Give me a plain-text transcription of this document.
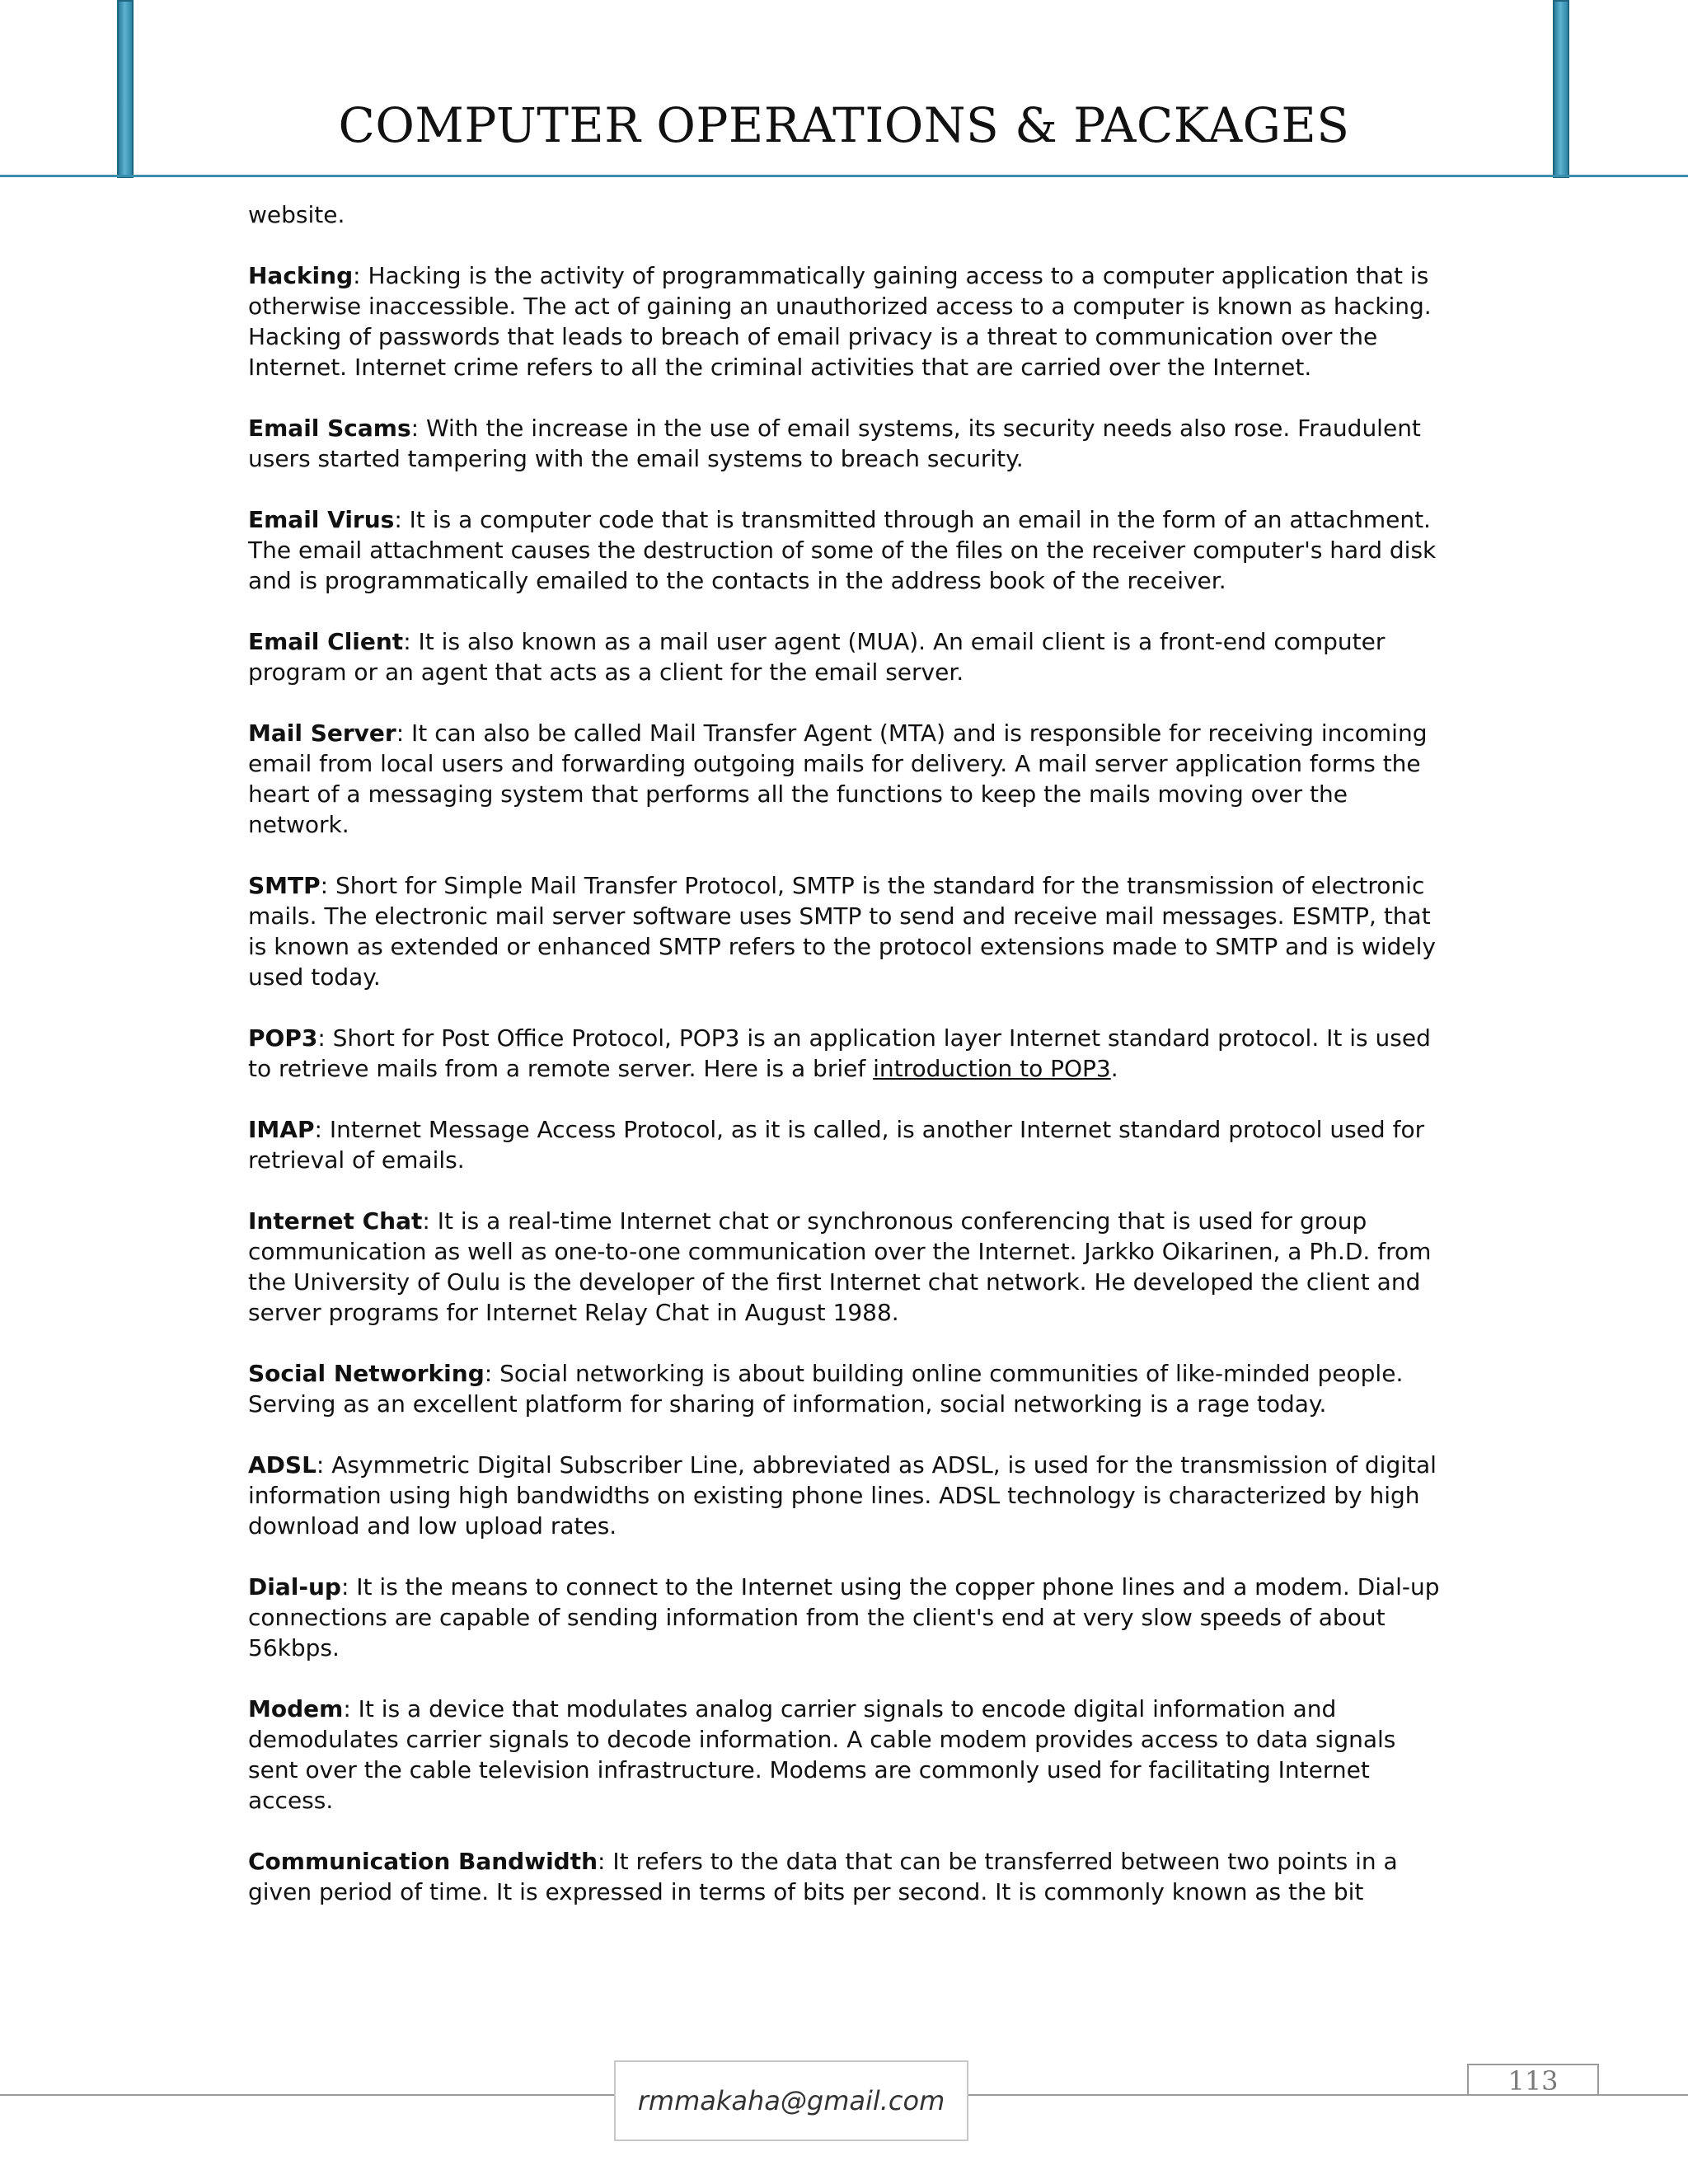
COMPUTER OPERATIONS & PACKAGES

website.

Hacking: Hacking is the activity of programmatically gaining access to a computer application that is otherwise inaccessible. The act of gaining an unauthorized access to a computer is known as hacking. Hacking of passwords that leads to breach of email privacy is a threat to communication over the Internet. Internet crime refers to all the criminal activities that are carried over the Internet.

Email Scams: With the increase in the use of email systems, its security needs also rose. Fraudulent users started tampering with the email systems to breach security.

Email Virus: It is a computer code that is transmitted through an email in the form of an attachment. The email attachment causes the destruction of some of the files on the receiver computer's hard disk and is programmatically emailed to the contacts in the address book of the receiver.

Email Client: It is also known as a mail user agent (MUA). An email client is a front-end computer program or an agent that acts as a client for the email server.

Mail Server: It can also be called Mail Transfer Agent (MTA) and is responsible for receiving incoming email from local users and forwarding outgoing mails for delivery. A mail server application forms the heart of a messaging system that performs all the functions to keep the mails moving over the network.

SMTP: Short for Simple Mail Transfer Protocol, SMTP is the standard for the transmission of electronic mails. The electronic mail server software uses SMTP to send and receive mail messages. ESMTP, that is known as extended or enhanced SMTP refers to the protocol extensions made to SMTP and is widely used today.

POP3: Short for Post Office Protocol, POP3 is an application layer Internet standard protocol. It is used to retrieve mails from a remote server. Here is a brief introduction to POP3.

IMAP: Internet Message Access Protocol, as it is called, is another Internet standard protocol used for retrieval of emails.

Internet Chat: It is a real-time Internet chat or synchronous conferencing that is used for group communication as well as one-to-one communication over the Internet. Jarkko Oikarinen, a Ph.D. from the University of Oulu is the developer of the first Internet chat network. He developed the client and server programs for Internet Relay Chat in August 1988.

Social Networking: Social networking is about building online communities of like-minded people. Serving as an excellent platform for sharing of information, social networking is a rage today.

ADSL: Asymmetric Digital Subscriber Line, abbreviated as ADSL, is used for the transmission of digital information using high bandwidths on existing phone lines. ADSL technology is characterized by high download and low upload rates.

Dial-up: It is the means to connect to the Internet using the copper phone lines and a modem. Dial-up connections are capable of sending information from the client's end at very slow speeds of about 56kbps.

Modem: It is a device that modulates analog carrier signals to encode digital information and demodulates carrier signals to decode information. A cable modem provides access to data signals sent over the cable television infrastructure. Modems are commonly used for facilitating Internet access.

Communication Bandwidth: It refers to the data that can be transferred between two points in a given period of time. It is expressed in terms of bits per second. It is commonly known as the bit

rmmakaha@gmail.com
113
